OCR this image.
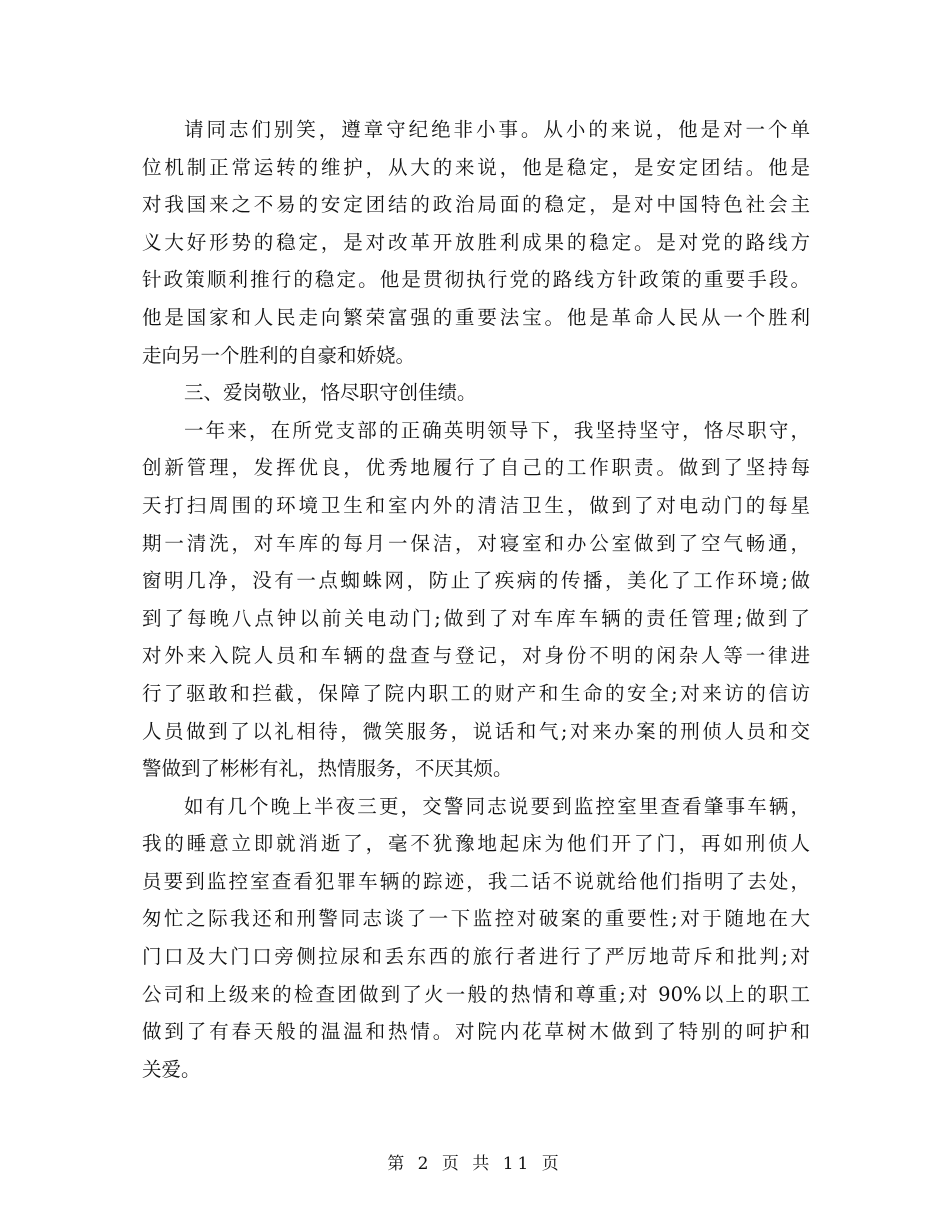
请同志们别笑，遵章守纪绝非小事。从小的来说，他是对一个单
位机制正常运转的维护，从大的来说，他是稳定，是安定团结。他是
对我国来之不易的安定团结的政治局面的稳定，是对中国特色社会主
义大好形势的稳定，是对改革开放胜利成果的稳定。是对党的路线方
针政策顺利推行的稳定。他是贯彻执行党的路线方针政策的重要手段。
他是国家和人民走向繁荣富强的重要法宝。他是革命人民从一个胜利
走向另一个胜利的自豪和娇娆。
三、爱岗敬业，恪尽职守创佳绩。
一年来，在所党支部的正确英明领导下，我坚持坚守，恪尽职守，
创新管理，发挥优良，优秀地履行了自己的工作职责。做到了坚持每
天打扫周围的环境卫生和室内外的清洁卫生，做到了对电动门的每星
期一清洗，对车库的每月一保洁，对寝室和办公室做到了空气畅通，
窗明几净，没有一点蜘蛛网，防止了疾病的传播，美化了工作环境;做
到了每晚八点钟以前关电动门;做到了对车库车辆的责任管理;做到了
对外来入院人员和车辆的盘查与登记，对身份不明的闲杂人等一律进
行了驱敢和拦截，保障了院内职工的财产和生命的安全;对来访的信访
人员做到了以礼相待，微笑服务，说话和气;对来办案的刑侦人员和交
警做到了彬彬有礼，热情服务，不厌其烦。
如有几个晚上半夜三更，交警同志说要到监控室里查看肇事车辆，
我的睡意立即就消逝了，毫不犹豫地起床为他们开了门，再如刑侦人
员要到监控室查看犯罪车辆的踪迹，我二话不说就给他们指明了去处，
匆忙之际我还和刑警同志谈了一下监控对破案的重要性;对于随地在大
门口及大门口旁侧拉尿和丢东西的旅行者进行了严厉地苛斥和批判;对
公司和上级来的检查团做到了火一般的热情和尊重;对 90%以上的职工
做到了有春天般的温温和热情。对院内花草树木做到了特别的呵护和
关爱。
第 2 页 共 11 页
